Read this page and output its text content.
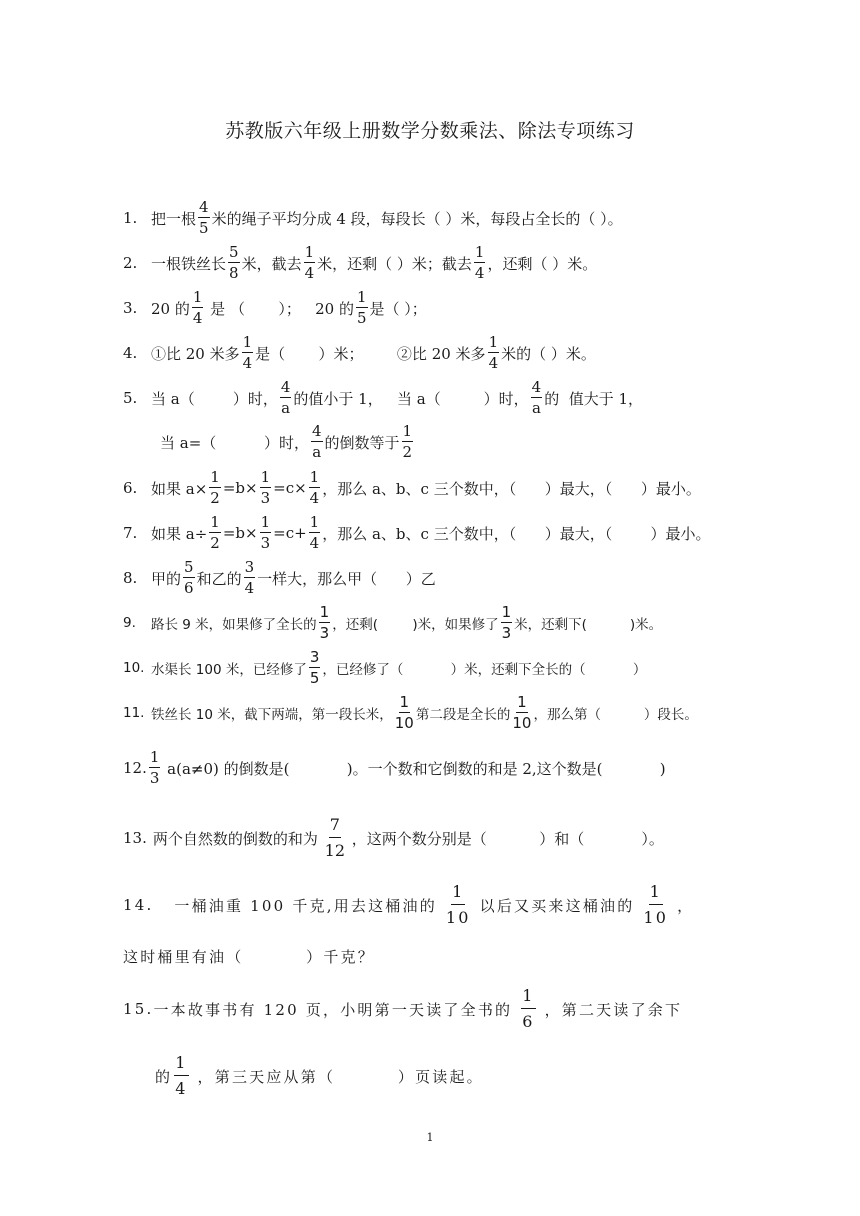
苏教版六年级上册数学分数乘法、除法专项练习
1. 把一根 $\frac{4}{5}$ 米的绳子平均分成 4 段，每段长（ ）米，每段占全长的（ ）。
2. 一根铁丝长 $\frac{5}{8}$ 米，截去 $\frac{1}{4}$ 米，还剩（ ）米；截去 $\frac{1}{4}$ ，还剩（ ）米。
3. 20 的 $\frac{1}{4}$ 是 （       ）；   20 的 $\frac{1}{5}$ 是（ ）；
4. ①比 20 米多 $\frac{1}{4}$ 是（       ）米；       ②比 20 米多 $\frac{1}{4}$ 米的（ ）米。
5. 当 a（        ）时， $\frac{4}{a}$ 的值小于 1，   当 a（         ）时， $\frac{4}{a}$ 的  值大于 1，
当 a=（          ）时， $\frac{4}{a}$ 的倒数等于 $\frac{1}{2}$
6. 如果 $a\times \frac{1}{2} =b\times \frac{1}{3} =c\times \frac{1}{4}$ ，那么 a、b、c 三个数中，（      ）最大，（      ）最小。
7. 如果 $a\div \frac{1}{2} =b\times \frac{1}{3} =c+ \frac{1}{4}$ ，那么 a、b、c 三个数中，（      ）最大，（        ）最小。
8. 甲的 $\frac{5}{6}$ 和乙的 $\frac{3}{4}$ 一样大，那么甲（      ）乙
9.	路长 9 米，如果修了全长的 $\frac{1}{3}$ ，还剩(        )米，如果修了 $\frac{1}{3}$ 米，还剩下(          )米。
10. 水渠长 100 米，已经修了 $\frac{3}{5}$ ，已经修了（           ）米，还剩下全长的（           ）
11. 铁丝长 10 米，截下两端，第一段长米， $\frac{1}{10}$ 第二段是全长的 $\frac{1}{10}$ ，那么第（          ）段长。
12. $\frac{1}{3} a(a\ne 0)$ 的倒数是(            )。一个数和它倒数的和是 2,这个数是(            )
13. 两个自然数的倒数的和为 $\frac{7}{12}$ ，这两个数分别是（           ）和（            ）。
14. 一桶油重 100 千克,用去这桶油的 $\frac{1}{10}$ 以后又买来这桶油的 $\frac{1}{10}$ ，
这时桶里有油（         ）千克？
15. 一本故事书有 120 页，小明第一天读了全书的 $\frac{1}{6}$ ，第二天读了余下
的 $\frac{1}{4}$ ，第三天应从第（         ）页读起。
1
